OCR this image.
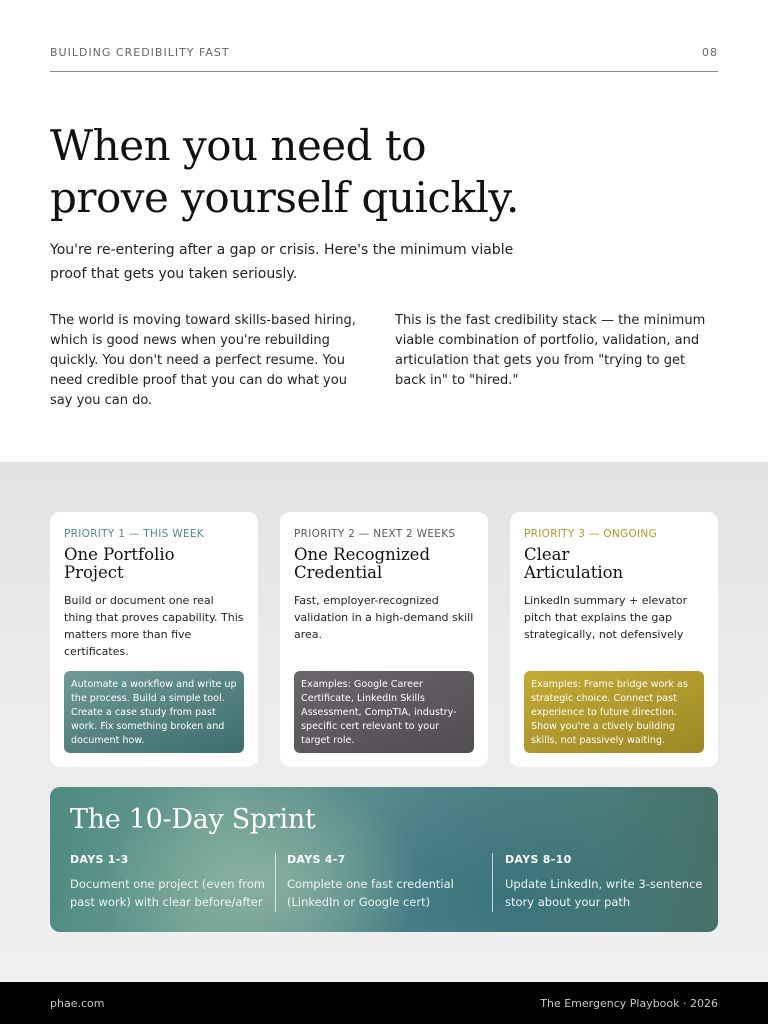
BUILDING CREDIBILITY FAST	08
When you need to
prove yourself quickly.

You're re-entering after a gap or crisis. Here's the minimum viable proof that gets you taken seriously.

The world is moving toward skills-based hiring, which is good news when you're rebuilding quickly. You don't need a perfect resume. You need credible proof that you can do what you say you can do.

This is the fast credibility stack — the minimum viable combination of portfolio, validation, and articulation that gets you from "trying to get back in" to "hired."

PRIORITY 1 — THIS WEEK
One Portfolio
Project
Build or document one real thing that proves capability. This matters more than five certificates.
Automate a workflow and write up the process. Build a simple tool. Create a case study from past work. Fix something broken and document how.
PRIORITY 2 — NEXT 2 WEEKS
One Recognized
Credential
Fast, employer-recognized validation in a high-demand skill area.
Examples: Google Career Certificate, LinkedIn Skills Assessment, CompTIA, industry-specific cert relevant to your target role.
PRIORITY 3 — ONGOING
Clear
Articulation
LinkedIn summary + elevator pitch that explains the gap strategically, not defensively
Examples: Frame bridge work as strategic choice. Connect past experience to future direction. Show you're a ctively building skills, not passively waiting.
The 10-Day Sprint
DAYS 1-3
Document one project (even from past work) with clear before/after
DAYS 4-7
Complete one fast credential (LinkedIn or Google cert)
DAYS 8-10
Update LinkedIn, write 3-sentence story about your path
phae.com	The Emergency Playbook · 2026
